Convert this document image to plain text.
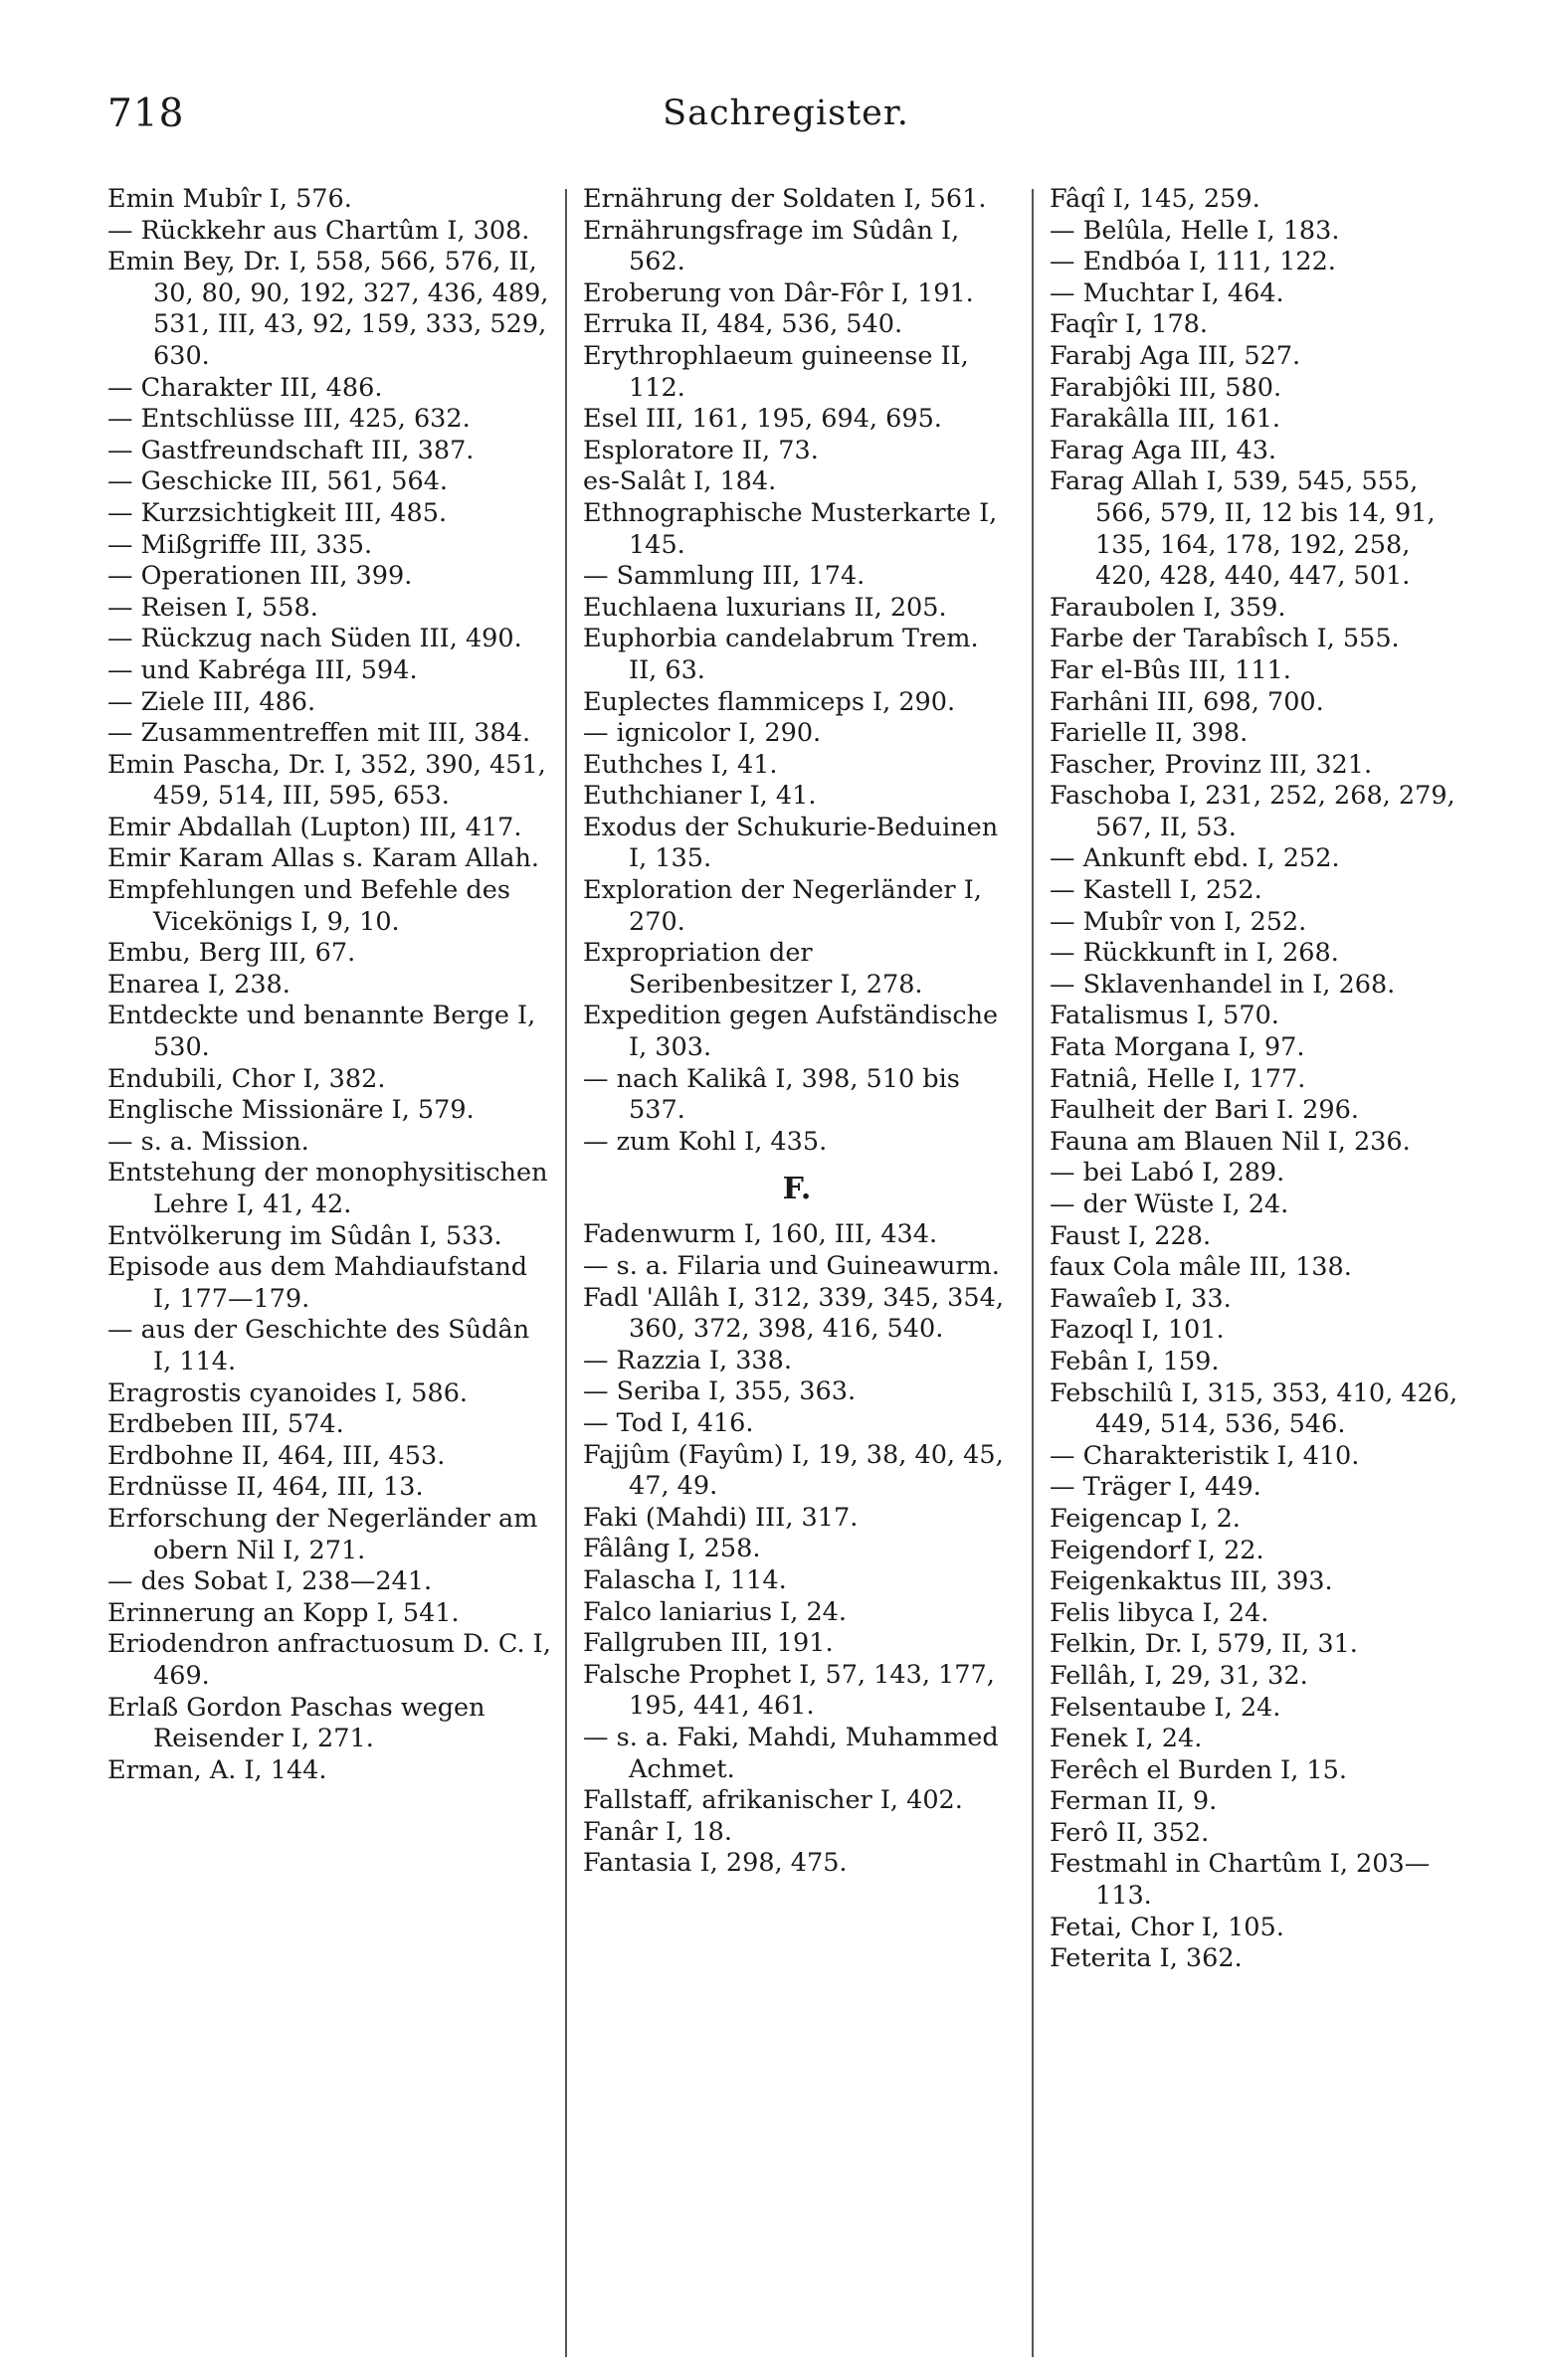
718	Sachregister.

Emin Mubîr I, 576.

— Rückkehr aus Chartûm I, 308.

Emin Bey, Dr. I, 558, 566, 576, II, 30, 80, 90, 192, 327, 436, 489, 531, III, 43, 92, 159, 333, 529, 630.

— Charakter III, 486.

— Entschlüsse III, 425, 632.

— Gastfreundschaft III, 387.

— Geschicke III, 561, 564.

— Kurzsichtigkeit III, 485.

— Mißgriffe III, 335.

— Operationen III, 399.

— Reisen I, 558.

— Rückzug nach Süden III, 490.

— und Kabréga III, 594.

— Ziele III, 486.

— Zusammentreffen mit III, 384.

Emin Pascha, Dr. I, 352, 390, 451, 459, 514, III, 595, 653.

Emir Abdallah (Lupton) III, 417.

Emir Karam Allas s. Karam Allah.

Empfehlungen und Befehle des Vicekönigs I, 9, 10.

Embu, Berg III, 67.

Enarea I, 238.

Entdeckte und benannte Berge I, 530.

Endubili, Chor I, 382.

Englische Missionäre I, 579.

— s. a. Mission.

Entstehung der monophysitischen Lehre I, 41, 42.

Entvölkerung im Sûdân I, 533.

Episode aus dem Mahdiaufstand I, 177—179.

— aus der Geschichte des Sûdân I, 114.

Eragrostis cyanoides I, 586.

Erdbeben III, 574.

Erdbohne II, 464, III, 453.

Erdnüsse II, 464, III, 13.

Erforschung der Negerländer am obern Nil I, 271.

— des Sobat I, 238—241.

Erinnerung an Kopp I, 541.

Eriodendron anfractuosum D. C. I, 469.

Erlaß Gordon Paschas wegen Reisender I, 271.

Erman, A. I, 144.

Ernährung der Soldaten I, 561.

Ernährungsfrage im Sûdân I, 562.

Eroberung von Dâr-Fôr I, 191.

Erruka II, 484, 536, 540.

Erythrophlaeum guineense II, 112.

Esel III, 161, 195, 694, 695.

Esploratore II, 73.

es-Salât I, 184.

Ethnographische Musterkarte I, 145.

— Sammlung III, 174.

Euchlaena luxurians II, 205.

Euphorbia candelabrum Trem. II, 63.

Euplectes flammiceps I, 290.

— ignicolor I, 290.

Euthches I, 41.

Euthchianer I, 41.

Exodus der Schukurie-Beduinen I, 135.

Exploration der Negerländer I, 270.

Expropriation der Seribenbesitzer I, 278.

Expedition gegen Aufständische I, 303.

— nach Kalikâ I, 398, 510 bis 537.

— zum Kohl I, 435.

F.

Fadenwurm I, 160, III, 434.

— s. a. Filaria und Guineawurm.

Fadl 'Allâh I, 312, 339, 345, 354, 360, 372, 398, 416, 540.

— Razzia I, 338.

— Seriba I, 355, 363.

— Tod I, 416.

Fajjûm (Fayûm) I, 19, 38, 40, 45, 47, 49.

Faki (Mahdi) III, 317.

Fâlâng I, 258.

Falascha I, 114.

Falco laniarius I, 24.

Fallgruben III, 191.

Falsche Prophet I, 57, 143, 177, 195, 441, 461.

— s. a. Faki, Mahdi, Muhammed Achmet.

Fallstaff, afrikanischer I, 402.

Fanâr I, 18.

Fantasia I, 298, 475.

Fâqî I, 145, 259.

— Belûla, Helle I, 183.

— Endbóa I, 111, 122.

— Muchtar I, 464.

Faqîr I, 178.

Farabj Aga III, 527.

Farabjôki III, 580.

Farakâlla III, 161.

Farag Aga III, 43.

Farag Allah I, 539, 545, 555, 566, 579, II, 12 bis 14, 91, 135, 164, 178, 192, 258, 420, 428, 440, 447, 501.

Faraubolen I, 359.

Farbe der Tarabîsch I, 555.

Far el-Bûs III, 111.

Farhâni III, 698, 700.

Farielle II, 398.

Fascher, Provinz III, 321.

Faschoba I, 231, 252, 268, 279, 567, II, 53.

— Ankunft ebd. I, 252.

— Kastell I, 252.

— Mubîr von I, 252.

— Rückkunft in I, 268.

— Sklavenhandel in I, 268.

Fatalismus I, 570.

Fata Morgana I, 97.

Fatniâ, Helle I, 177.

Faulheit der Bari I. 296.

Fauna am Blauen Nil I, 236.

— bei Labó I, 289.

— der Wüste I, 24.

Faust I, 228.

faux Cola mâle III, 138.

Fawaîeb I, 33.

Fazoql I, 101.

Febân I, 159.

Febschilû I, 315, 353, 410, 426, 449, 514, 536, 546.

— Charakteristik I, 410.

— Träger I, 449.

Feigencap I, 2.

Feigendorf I, 22.

Feigenkaktus III, 393.

Felis libyca I, 24.

Felkin, Dr. I, 579, II, 31.

Fellâh, I, 29, 31, 32.

Felsentaube I, 24.

Fenek I, 24.

Ferêch el Burden I, 15.

Ferman II, 9.

Ferô II, 352.

Festmahl in Chartûm I, 203—113.

Fetai, Chor I, 105.

Feterita I, 362.
